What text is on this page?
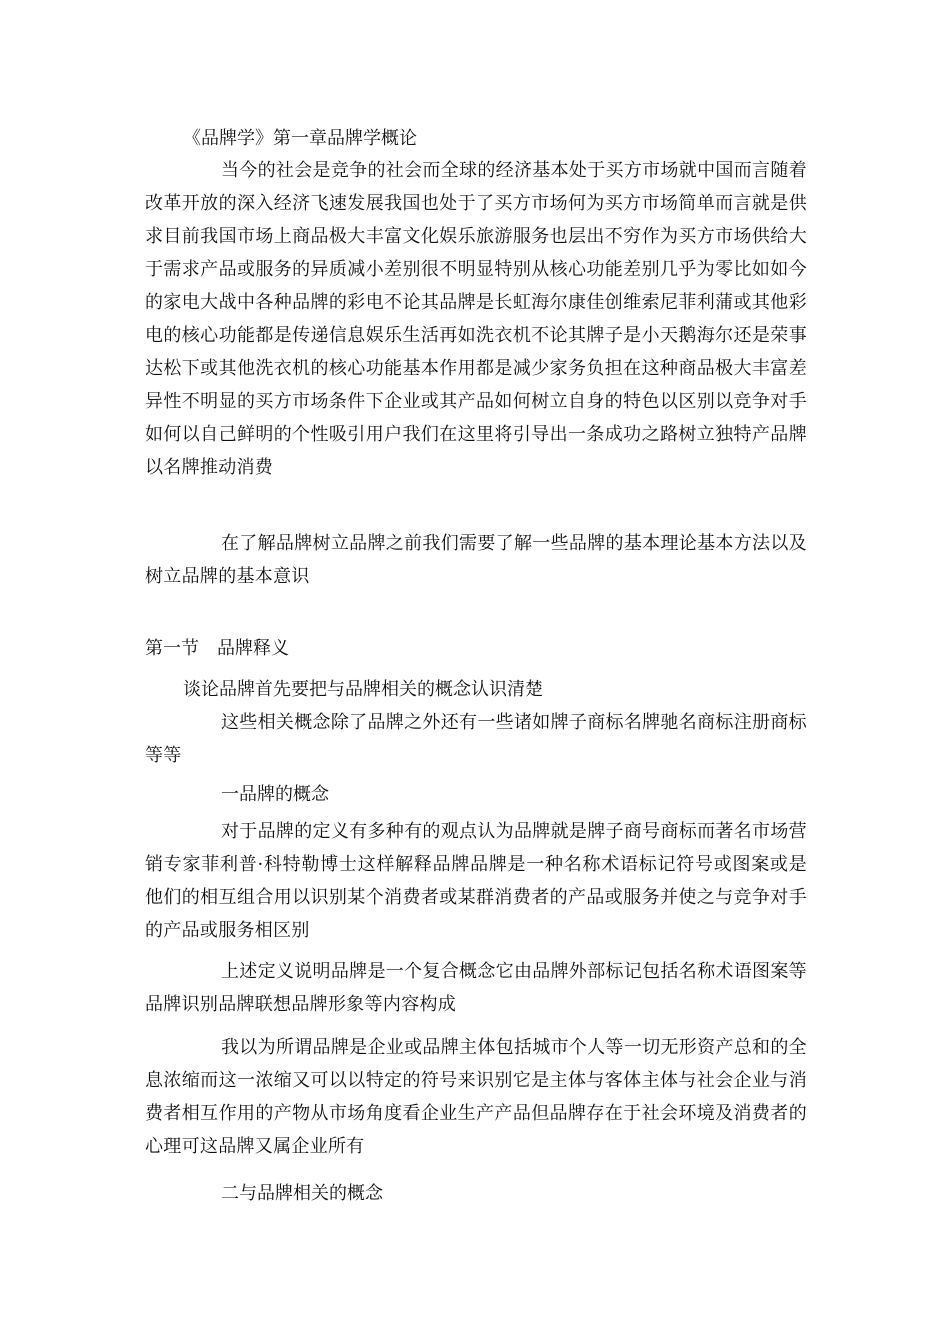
《品牌学》第一章品牌学概论

当今的社会是竞争的社会而全球的经济基本处于买方市场就中国而言随着改革开放的深入经济飞速发展我国也处于了买方市场何为买方市场简单而言就是供求目前我国市场上商品极大丰富文化娱乐旅游服务也层出不穷作为买方市场供给大于需求产品或服务的异质减小差别很不明显特别从核心功能差别几乎为零比如如今的家电大战中各种品牌的彩电不论其品牌是长虹海尔康佳创维索尼菲利蒲或其他彩电的核心功能都是传递信息娱乐生活再如洗衣机不论其牌子是小天鹅海尔还是荣事达松下或其他洗衣机的核心功能基本作用都是减少家务负担在这种商品极大丰富差异性不明显的买方市场条件下企业或其产品如何树立自身的特色以区别以竞争对手如何以自己鲜明的个性吸引用户我们在这里将引导出一条成功之路树立独特产品牌以名牌推动消费

在了解品牌树立品牌之前我们需要了解一些品牌的基本理论基本方法以及树立品牌的基本意识

第一节　品牌释义

谈论品牌首先要把与品牌相关的概念认识清楚

这些相关概念除了品牌之外还有一些诸如牌子商标名牌驰名商标注册商标等等

一品牌的概念

对于品牌的定义有多种有的观点认为品牌就是牌子商号商标而著名市场营销专家菲利普·科特勒博士这样解释品牌品牌是一种名称术语标记符号或图案或是他们的相互组合用以识别某个消费者或某群消费者的产品或服务并使之与竞争对手的产品或服务相区别

上述定义说明品牌是一个复合概念它由品牌外部标记包括名称术语图案等品牌识别品牌联想品牌形象等内容构成

我以为所谓品牌是企业或品牌主体包括城市个人等一切无形资产总和的全息浓缩而这一浓缩又可以以特定的符号来识别它是主体与客体主体与社会企业与消费者相互作用的产物从市场角度看企业生产产品但品牌存在于社会环境及消费者的心理可这品牌又属企业所有

二与品牌相关的概念
